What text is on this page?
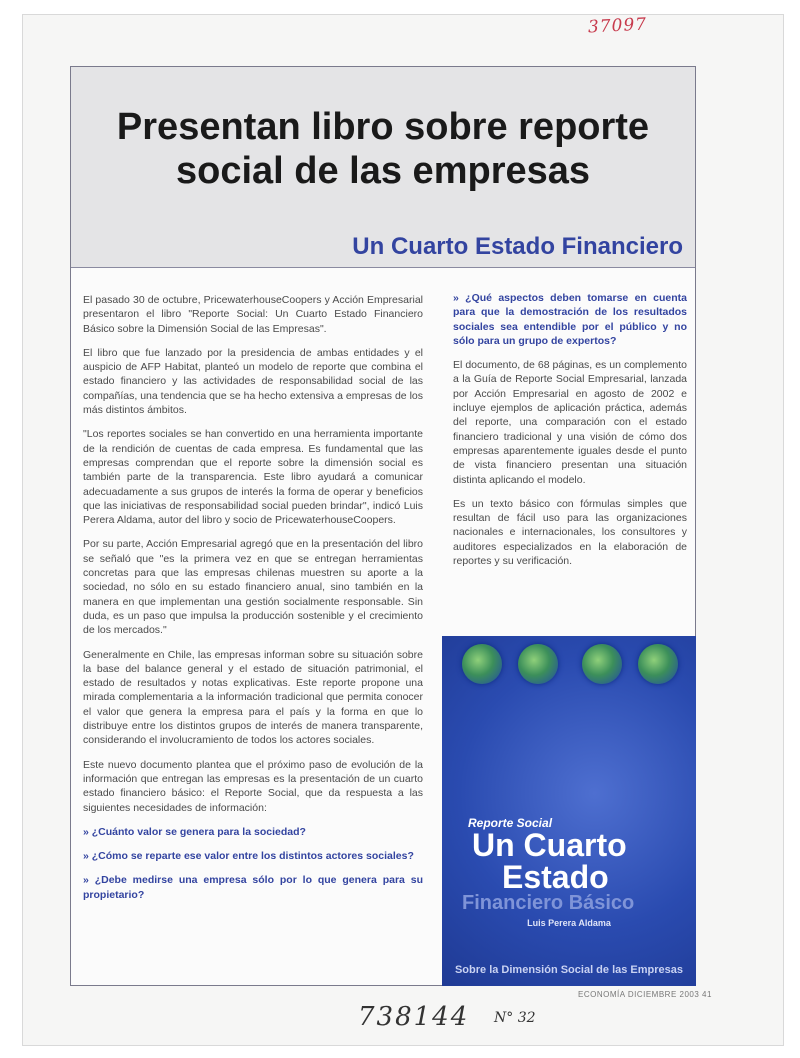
37097
Presentan libro sobre reporte
social de las empresas
Un Cuarto Estado Financiero

El pasado 30 de octubre, PricewaterhouseCoopers y Acción Empresarial presentaron el libro "Reporte Social: Un Cuarto Estado Financiero Básico sobre la Dimensión Social de las Empresas".

El libro que fue lanzado por la presidencia de ambas entidades y el auspicio de AFP Habitat, planteó un modelo de reporte que combina el estado financiero y las actividades de responsabilidad social de las compañías, una tendencia que se ha hecho extensiva a empresas de los más distintos ámbitos.

"Los reportes sociales se han convertido en una herramienta importante de la rendición de cuentas de cada empresa. Es fundamental que las empresas comprendan que el reporte sobre la dimensión social es también parte de la transparencia. Este libro ayudará a comunicar adecuadamente a sus grupos de interés la forma de operar y beneficios que las iniciativas de responsabilidad social pueden brindar", indicó Luis Perera Aldama, autor del libro y socio de PricewaterhouseCoopers.

Por su parte, Acción Empresarial agregó que en la presentación del libro se señaló que "es la primera vez en que se entregan herramientas concretas para que las empresas chilenas muestren su aporte a la sociedad, no sólo en su estado financiero anual, sino también en la manera en que implementan una gestión socialmente responsable. Sin duda, es un paso que impulsa la producción sostenible y el crecimiento de los mercados."

Generalmente en Chile, las empresas informan sobre su situación sobre la base del balance general y el estado de situación patrimonial, el estado de resultados y notas explicativas. Este reporte propone una mirada complementaria a la información tradicional que permita conocer el valor que genera la empresa para el país y la forma en que lo distribuye entre los distintos grupos de interés de manera transparente, considerando el involucramiento de todos los actores sociales.

Este nuevo documento plantea que el próximo paso de evolución de la información que entregan las empresas es la presentación de un cuarto estado financiero básico: el Reporte Social, que da respuesta a las siguientes necesidades de información:

» ¿Cuánto valor se genera para la sociedad?

» ¿Cómo se reparte ese valor entre los distintos actores sociales?

» ¿Debe medirse una empresa sólo por lo que genera para su propietario?

» ¿Qué aspectos deben tomarse en cuenta para que la demostración de los resultados sociales sea entendible por el público y no sólo para un grupo de expertos?

El documento, de 68 páginas, es un complemento a la Guía de Reporte Social Empresarial, lanzada por Acción Empresarial en agosto de 2002 e incluye ejemplos de aplicación práctica, además del reporte, una comparación con el estado financiero tradicional y una visión de cómo dos empresas aparentemente iguales desde el punto de vista financiero presentan una situación distinta aplicando el modelo.

Es un texto básico con fórmulas simples que resultan de fácil uso para las organizaciones nacionales e internacionales, los consultores y auditores especializados en la elaboración de reportes y su verificación.

Reporte Social
Un Cuarto
Estado
Financiero Básico
Luis Perera Aldama
Sobre la Dimensión Social de las Empresas
ECONOMÍA DICIEMBRE 2003 41
738144 N° 32
